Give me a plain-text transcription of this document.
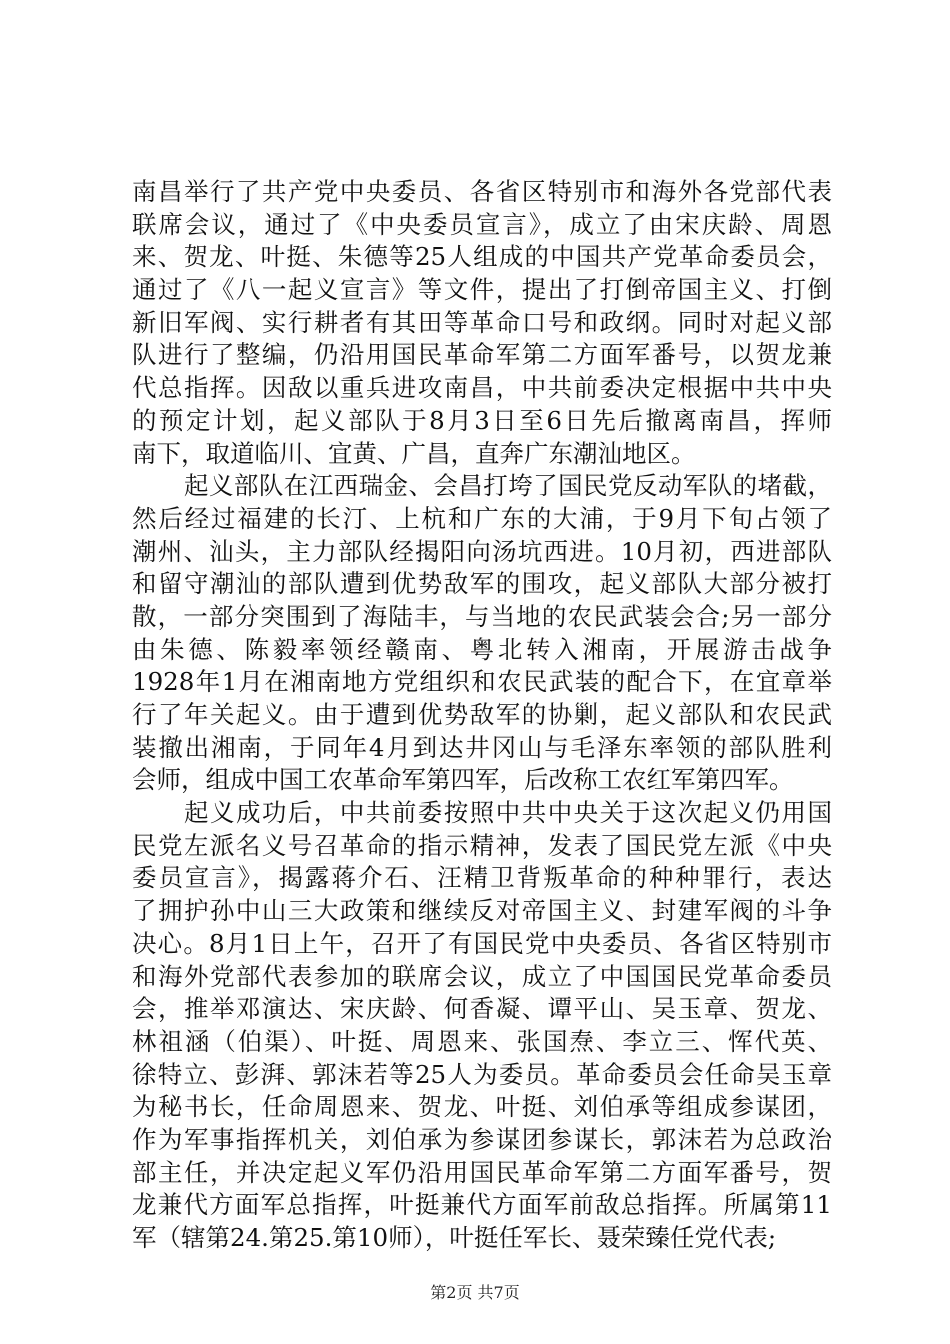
南昌举行了共产党中央委员、各省区特别市和海外各党部代表
联席会议，通过了《中央委员宣言》，成立了由宋庆龄、周恩
来、贺龙、叶挺、朱德等25人组成的中国共产党革命委员会，
通过了《八一起义宣言》等文件，提出了打倒帝国主义、打倒
新旧军阀、实行耕者有其田等革命口号和政纲。同时对起义部
队进行了整编，仍沿用国民革命军第二方面军番号，以贺龙兼
代总指挥。因敌以重兵进攻南昌，中共前委决定根据中共中央
的预定计划，起义部队于8月3日至6日先后撤离南昌，挥师
南下，取道临川、宜黄、广昌，直奔广东潮汕地区。
起义部队在江西瑞金、会昌打垮了国民党反动军队的堵截，
然后经过福建的长汀、上杭和广东的大浦，于9月下旬占领了
潮州、汕头，主力部队经揭阳向汤坑西进。10月初，西进部队
和留守潮汕的部队遭到优势敌军的围攻，起义部队大部分被打
散，一部分突围到了海陆丰，与当地的农民武装会合;另一部分
由朱德、陈毅率领经赣南、粤北转入湘南，开展游击战争
1928年1月在湘南地方党组织和农民武装的配合下，在宜章举
行了年关起义。由于遭到优势敌军的协剿，起义部队和农民武
装撤出湘南，于同年4月到达井冈山与毛泽东率领的部队胜利
会师，组成中国工农革命军第四军，后改称工农红军第四军。
起义成功后，中共前委按照中共中央关于这次起义仍用国
民党左派名义号召革命的指示精神，发表了国民党左派《中央
委员宣言》，揭露蒋介石、汪精卫背叛革命的种种罪行，表达
了拥护孙中山三大政策和继续反对帝国主义、封建军阀的斗争
决心。8月1日上午，召开了有国民党中央委员、各省区特别市
和海外党部代表参加的联席会议，成立了中国国民党革命委员
会，推举邓演达、宋庆龄、何香凝、谭平山、吴玉章、贺龙、
林祖涵（伯渠）、叶挺、周恩来、张国焘、李立三、恽代英、
徐特立、彭湃、郭沫若等25人为委员。革命委员会任命吴玉章
为秘书长，任命周恩来、贺龙、叶挺、刘伯承等组成参谋团，
作为军事指挥机关，刘伯承为参谋团参谋长，郭沫若为总政治
部主任，并决定起义军仍沿用国民革命军第二方面军番号，贺
龙兼代方面军总指挥，叶挺兼代方面军前敌总指挥。所属第11
军（辖第24.第25.第10师），叶挺任军长、聂荣臻任党代表;
第2页 共7页
